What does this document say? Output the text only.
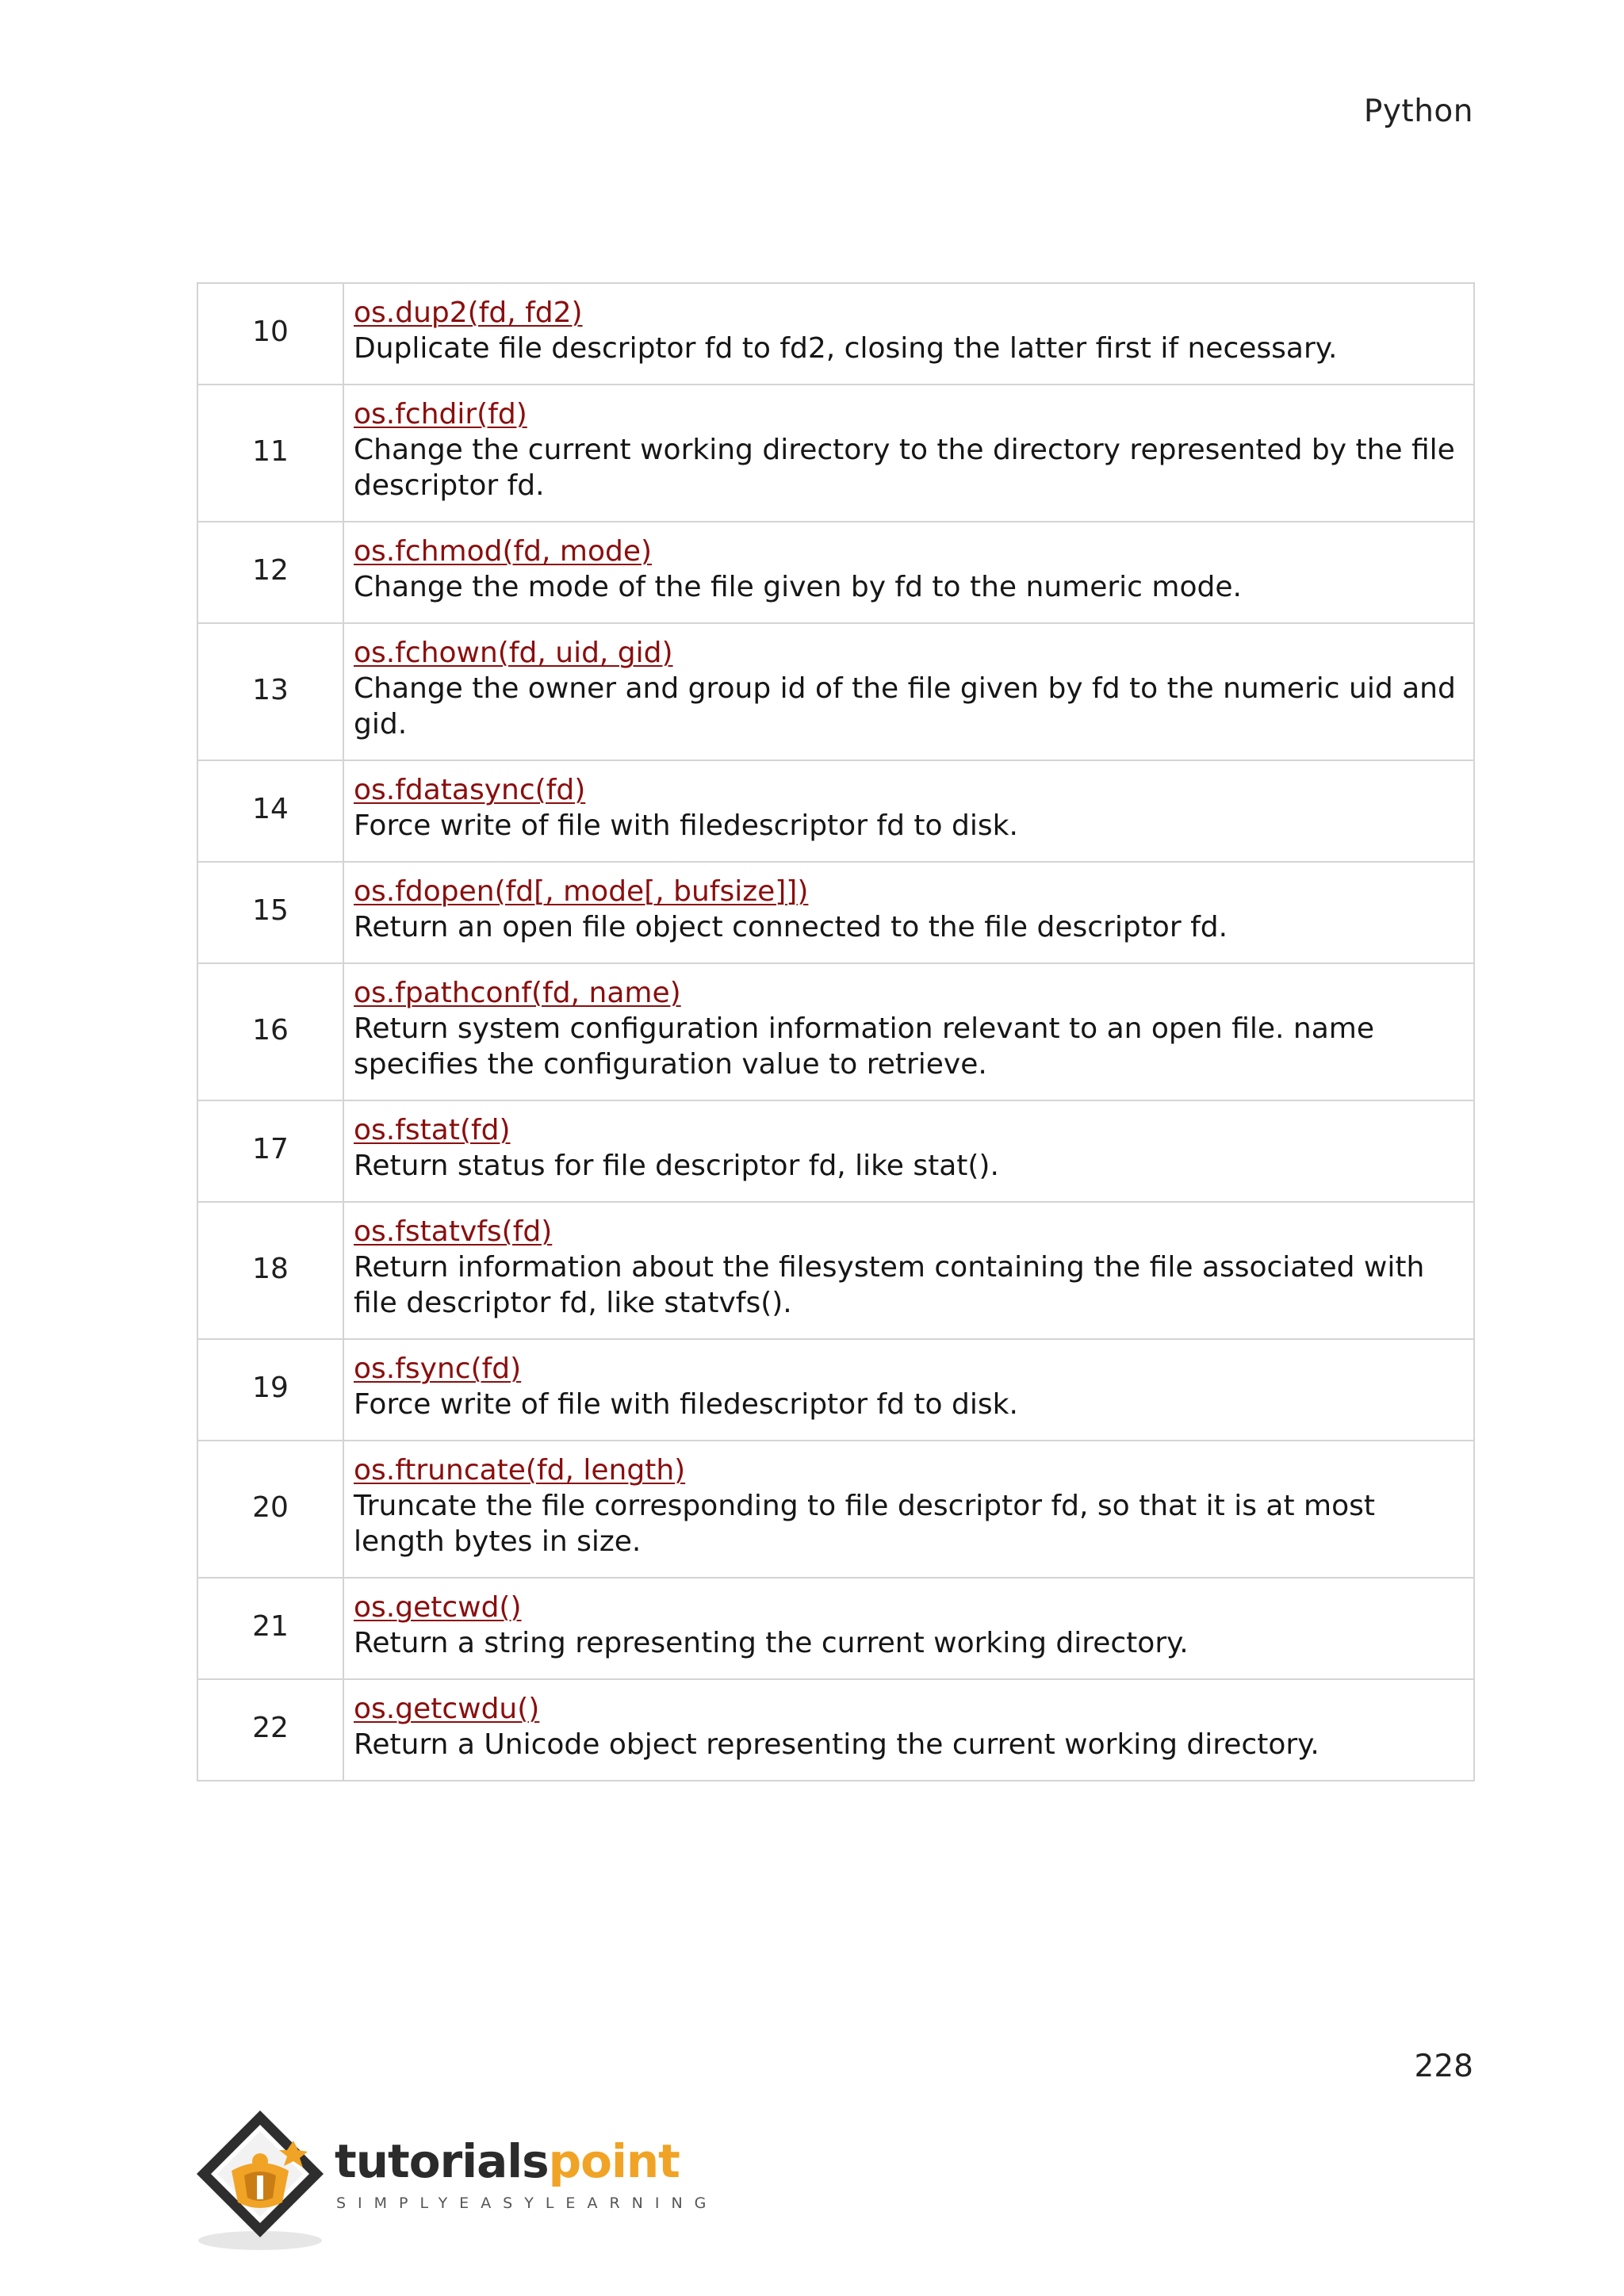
Python
10	os.dup2(fd, fd2)
Duplicate file descriptor fd to fd2, closing the latter first if necessary.

11	os.fchdir(fd)
Change the current working directory to the directory represented by the file descriptor fd.

12	os.fchmod(fd, mode)
Change the mode of the file given by fd to the numeric mode.

13	os.fchown(fd, uid, gid)
Change the owner and group id of the file given by fd to the numeric uid and gid.

14	os.fdatasync(fd)
Force write of file with filedescriptor fd to disk.

15	os.fdopen(fd[, mode[, bufsize]])
Return an open file object connected to the file descriptor fd.

16	os.fpathconf(fd, name)
Return system configuration information relevant to an open file. name specifies the configuration value to retrieve.

17	os.fstat(fd)
Return status for file descriptor fd, like stat().

18	os.fstatvfs(fd)
Return information about the filesystem containing the file associated with file descriptor fd, like statvfs().

19	os.fsync(fd)
Force write of file with filedescriptor fd to disk.

20	os.ftruncate(fd, length)
Truncate the file corresponding to file descriptor fd, so that it is at most length bytes in size.

21	os.getcwd()
Return a string representing the current working directory.

22	os.getcwdu()
Return a Unicode object representing the current working directory.
228
tutorialspoint
SIMPLYEASYLEARNING
